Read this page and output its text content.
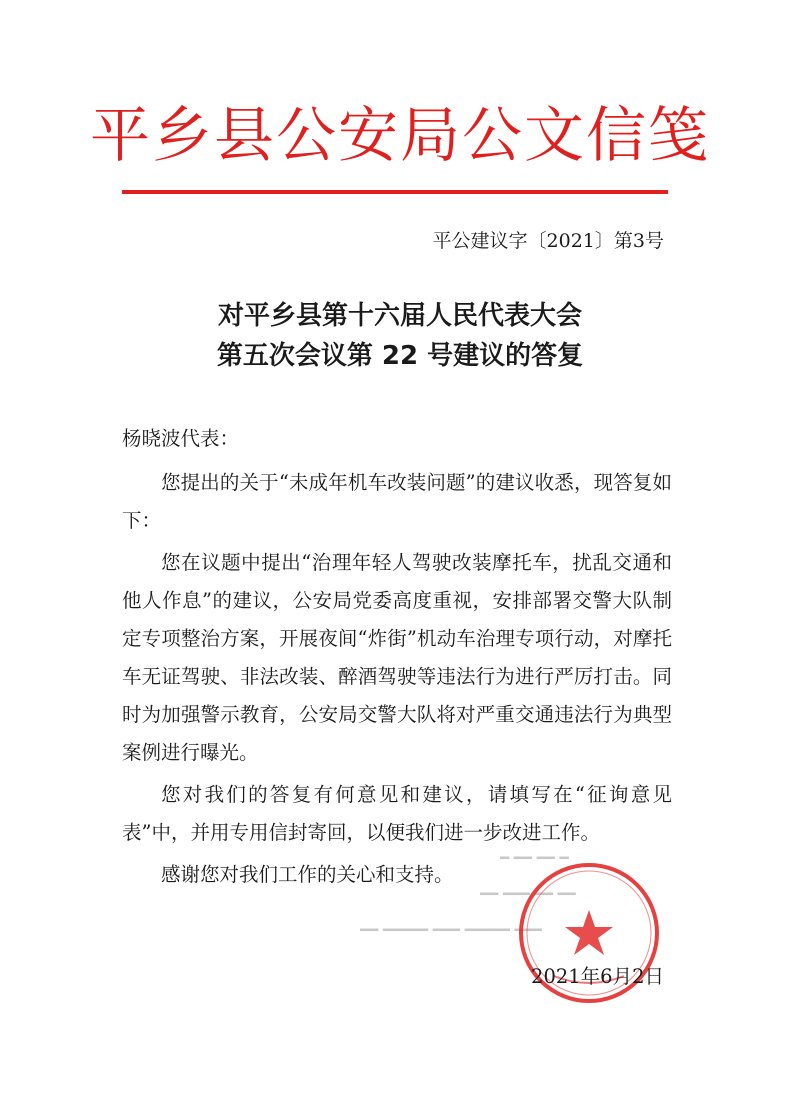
平乡县公安局公文信笺
平公建议字〔2021〕第3号
对平乡县第十六届人民代表大会
第五次会议第 22 号建议的答复

杨晓波代表：

您提出的关于“未成年机车改装问题”的建议收悉，现答复如下：

您在议题中提出“治理年轻人驾驶改装摩托车，扰乱交通和他人作息”的建议，公安局党委高度重视，安排部署交警大队制定专项整治方案，开展夜间“炸街”机动车治理专项行动，对摩托车无证驾驶、非法改装、醉酒驾驶等违法行为进行严厉打击。同时为加强警示教育，公安局交警大队将对严重交通违法行为典型案例进行曝光。

您对我们的答复有何意见和建议，请填写在“征询意见表”中，并用专用信封寄回，以便我们进一步改进工作。

感谢您对我们工作的关心和支持。

━ ━━ ━━ ━
━━ ━━━ ━━ ━━
━━ ━━━━━ ━━━ ━━━━━ ━━━
2021年6月2日
